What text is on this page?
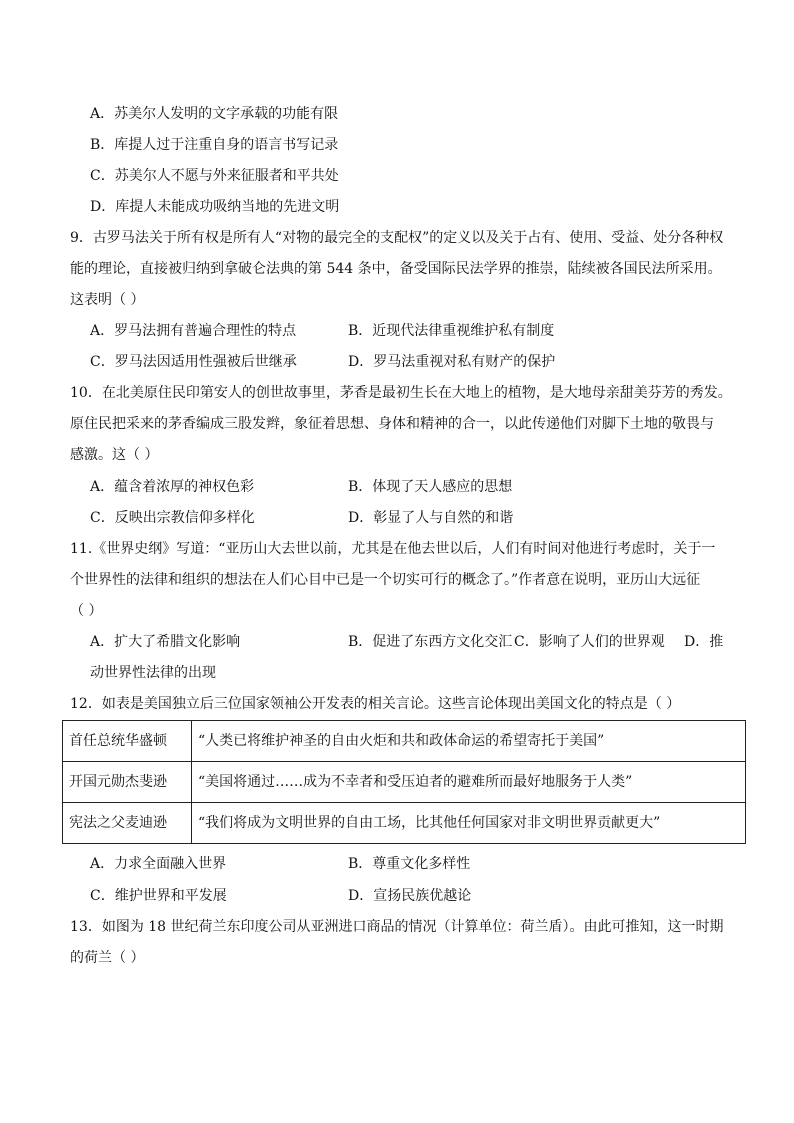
A．苏美尔人发明的文字承载的功能有限
B．库提人过于注重自身的语言书写记录
C．苏美尔人不愿与外来征服者和平共处
D．库提人未能成功吸纳当地的先进文明
9．古罗马法关于所有权是所有人“对物的最完全的支配权”的定义以及关于占有、使用、受益、处分各种权
能的理论，直接被归纳到拿破仑法典的第 544 条中，备受国际民法学界的推崇，陆续被各国民法所采用。
这表明（ ）
A．罗马法拥有普遍合理性的特点	B．近现代法律重视维护私有制度
C．罗马法因适用性强被后世继承	D．罗马法重视对私有财产的保护
10．在北美原住民印第安人的创世故事里，茅香是最初生长在大地上的植物，是大地母亲甜美芬芳的秀发。
原住民把采来的茅香编成三股发辫，象征着思想、身体和精神的合一，以此传递他们对脚下土地的敬畏与
感激。这（ ）
A．蕴含着浓厚的神权色彩	B．体现了天人感应的思想
C．反映出宗教信仰多样化	D．彰显了人与自然的和谐
11.《世界史纲》写道：“亚历山大去世以前，尤其是在他去世以后，人们有时间对他进行考虑时，关于一
个世界性的法律和组织的想法在人们心目中已是一个切实可行的概念了。”作者意在说明，亚历山大远征
（ ）
A．扩大了希腊文化影响	B．促进了东西方文化交汇 C．影响了人们的世界观 D．推
动世界性法律的出现
12．如表是美国独立后三位国家领袖公开发表的相关言论。这些言论体现出美国文化的特点是（ ）
首任总统华盛顿	“人类已将维护神圣的自由火炬和共和政体命运的希望寄托于美国”
开国元勋杰斐逊	“美国将通过……成为不幸者和受压迫者的避难所而最好地服务于人类”
宪法之父麦迪逊	“我们将成为文明世界的自由工场，比其他任何国家对非文明世界贡献更大”
A．力求全面融入世界	B．尊重文化多样性
C．维护世界和平发展	D．宣扬民族优越论
13．如图为 18 世纪荷兰东印度公司从亚洲进口商品的情况（计算单位：荷兰盾）。由此可推知，这一时期
的荷兰（ ）
